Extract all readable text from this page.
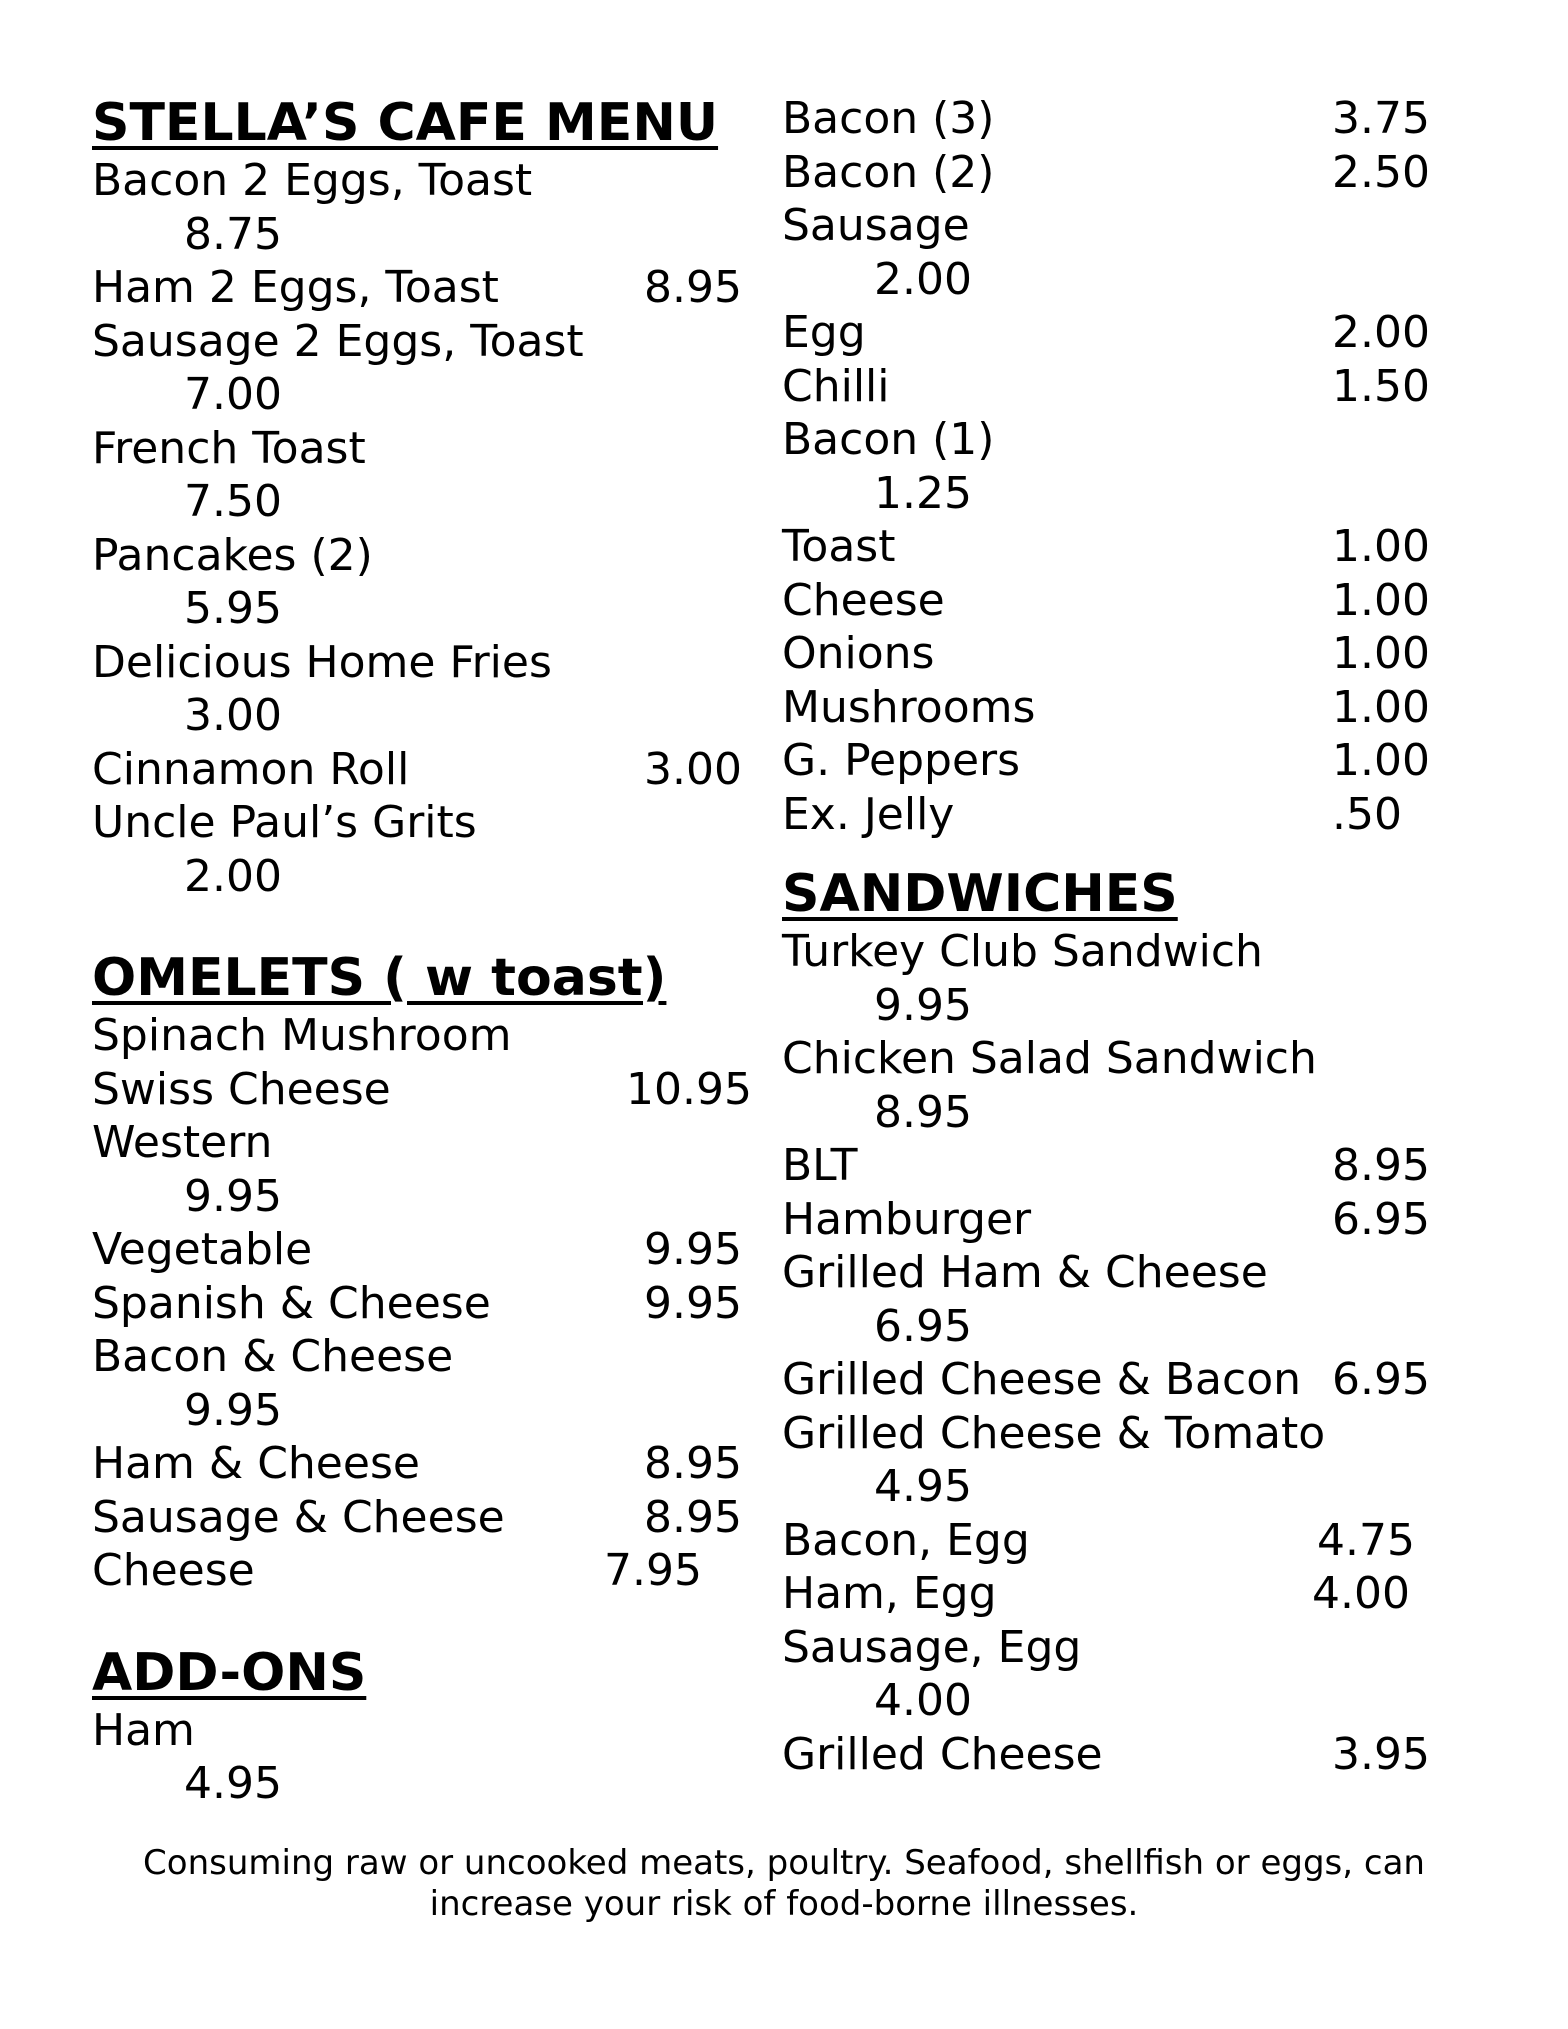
STELLA’S CAFE MENU
Bacon 2 Eggs, Toast
8.75
Ham 2 Eggs, Toast	8.95
Sausage 2 Eggs, Toast
7.00
French Toast
7.50
Pancakes (2)
5.95
Delicious Home Fries
3.00
Cinnamon Roll	3.00
Uncle Paul’s Grits
2.00
OMELETS ( w toast)
Spinach Mushroom
Swiss Cheese	10.95
Western
9.95
Vegetable	9.95
Spanish & Cheese	9.95
Bacon & Cheese
9.95
Ham & Cheese	8.95
Sausage & Cheese	8.95
Cheese	7.95
ADD-ONS
Ham
4.95
Bacon (3)	3.75
Bacon (2)	2.50
Sausage
2.00
Egg	2.00
Chilli	1.50
Bacon (1)
1.25
Toast	1.00
Cheese	1.00
Onions	1.00
Mushrooms	1.00
G. Peppers	1.00
Ex. Jelly	.50
SANDWICHES
Turkey Club Sandwich
9.95
Chicken Salad Sandwich
8.95
BLT	8.95
Hamburger	6.95
Grilled Ham & Cheese
6.95
Grilled Cheese & Bacon 6.95
Grilled Cheese & Tomato
4.95
Bacon, Egg	4.75
Ham, Egg	4.00
Sausage, Egg
4.00
Grilled Cheese	3.95
Consuming raw or uncooked meats, poultry. Seafood, shellfish or eggs, can
increase your risk of food-borne illnesses.
